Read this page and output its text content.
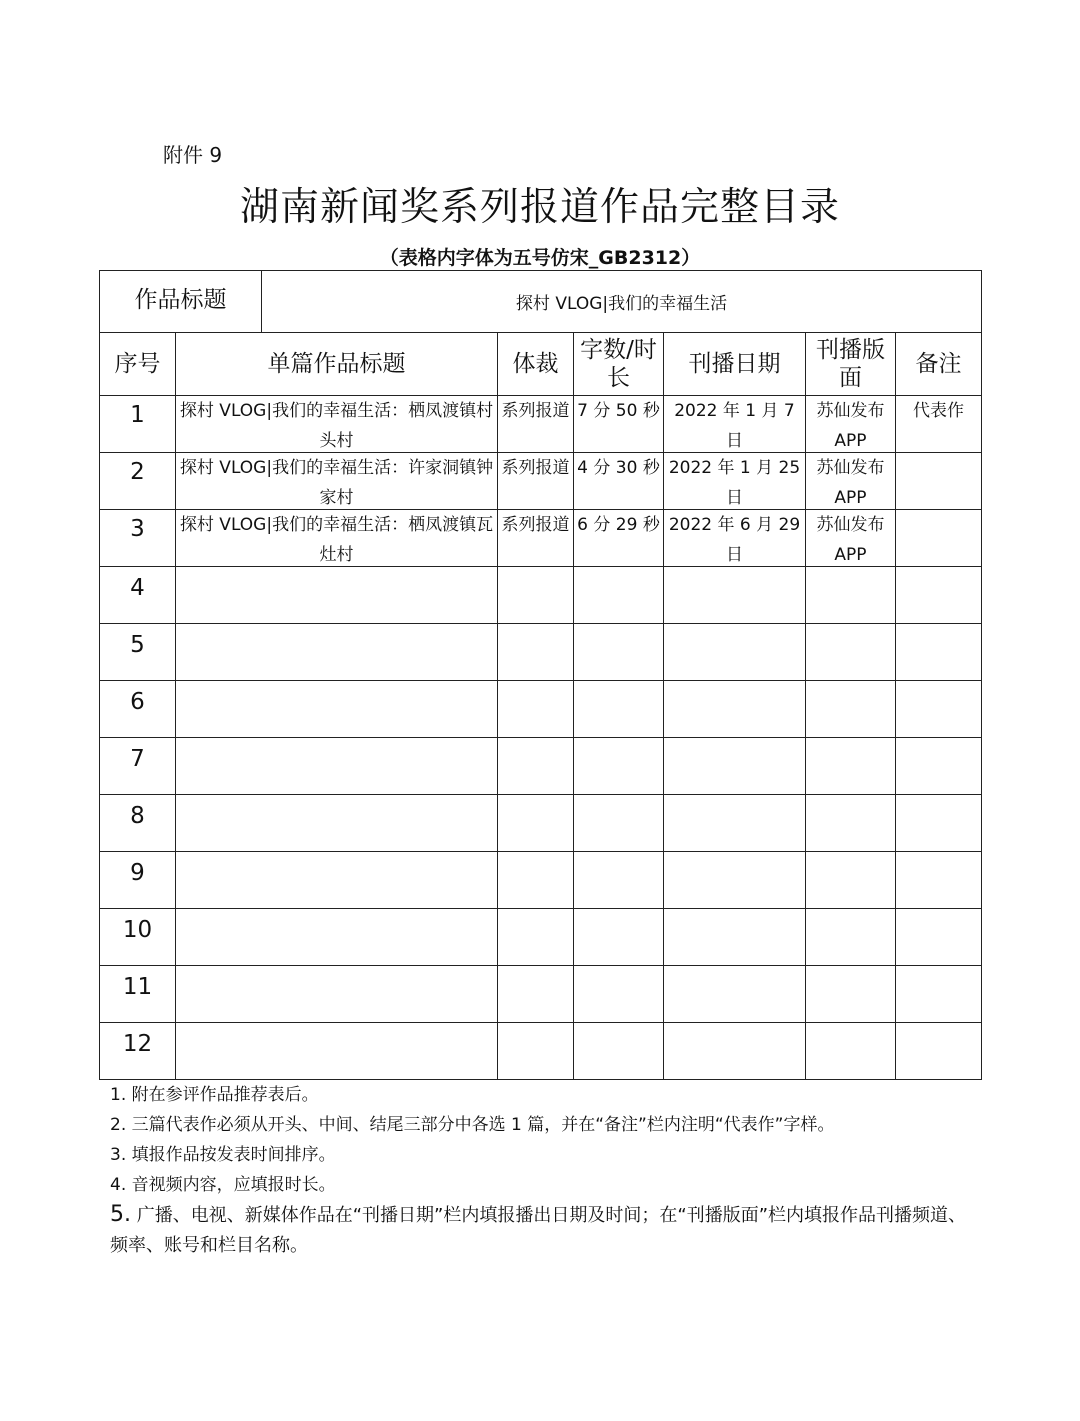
附件 9
湖南新闻奖系列报道作品完整目录
（表格内字体为五号仿宋_GB2312）
作品标题		探村 VLOG|我们的幸福生活					
序号	单篇作品标题		体裁	字数/时长	刊播日期	刊播版面	备注
1	探村 VLOG|我们的幸福生活：栖凤渡镇村头村		系列报道	7 分 50 秒	2022 年 1 月 7 日	苏仙发布 APP	代表作

2	探村 VLOG|我们的幸福生活：许家洞镇钟家村		系列报道	4 分 30 秒	2022 年 1 月 25 日	苏仙发布 APP	

3	探村 VLOG|我们的幸福生活：栖凤渡镇瓦灶村		系列报道	6 分 29 秒	2022 年 6 月 29 日	苏仙发布 APP	

4							
5							
6							
7							
8							
9							
10							
11							
12							
1. 附在参评作品推荐表后。
2. 三篇代表作必须从开头、中间、结尾三部分中各选 1 篇，并在“备注”栏内注明“代表作”字样。
3. 填报作品按发表时间排序。
4. 音视频内容，应填报时长。
5. 广播、电视、新媒体作品在“刊播日期”栏内填报播出日期及时间；在“刊播版面”栏内填报作品刊播频道、频率、账号和栏目名称。
